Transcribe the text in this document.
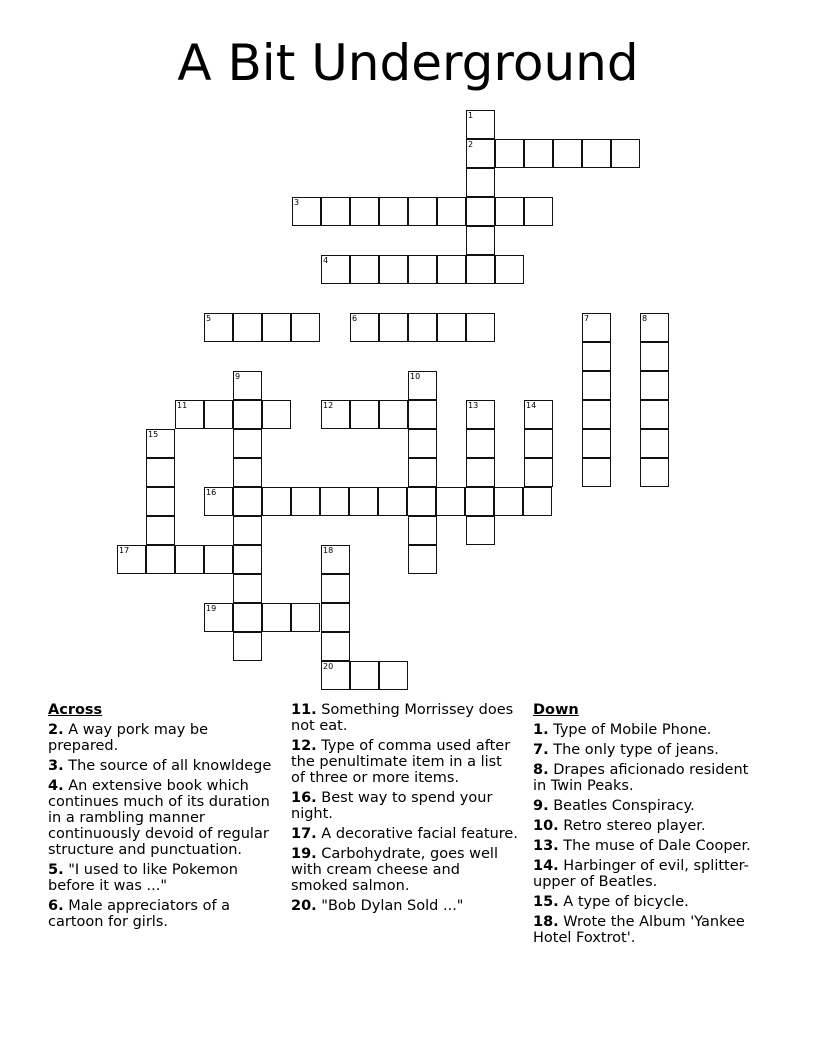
A Bit Underground
1
2
3
4
5	6	7	8
9	10
11	12	13	14
15
16
17	18
19
20
Across
2. A way pork may be prepared.
3. The source of all knowldege
4. An extensive book which continues much of its duration in a rambling manner continuously devoid of regular structure and punctuation.
5. "I used to like Pokemon before it was ..."
6. Male appreciators of a cartoon for girls.
11. Something Morrissey does not eat.
12. Type of comma used after the penultimate item in a list of three or more items.
16. Best way to spend your night.
17. A decorative facial feature.
19. Carbohydrate, goes well with cream cheese and smoked salmon.
20. "Bob Dylan Sold ..."
Down
1. Type of Mobile Phone.
7. The only type of jeans.
8. Drapes aficionado resident in Twin Peaks.
9. Beatles Conspiracy.
10. Retro stereo player.
13. The muse of Dale Cooper.
14. Harbinger of evil, splitter-upper of Beatles.
15. A type of bicycle.
18. Wrote the Album 'Yankee Hotel Foxtrot'.
